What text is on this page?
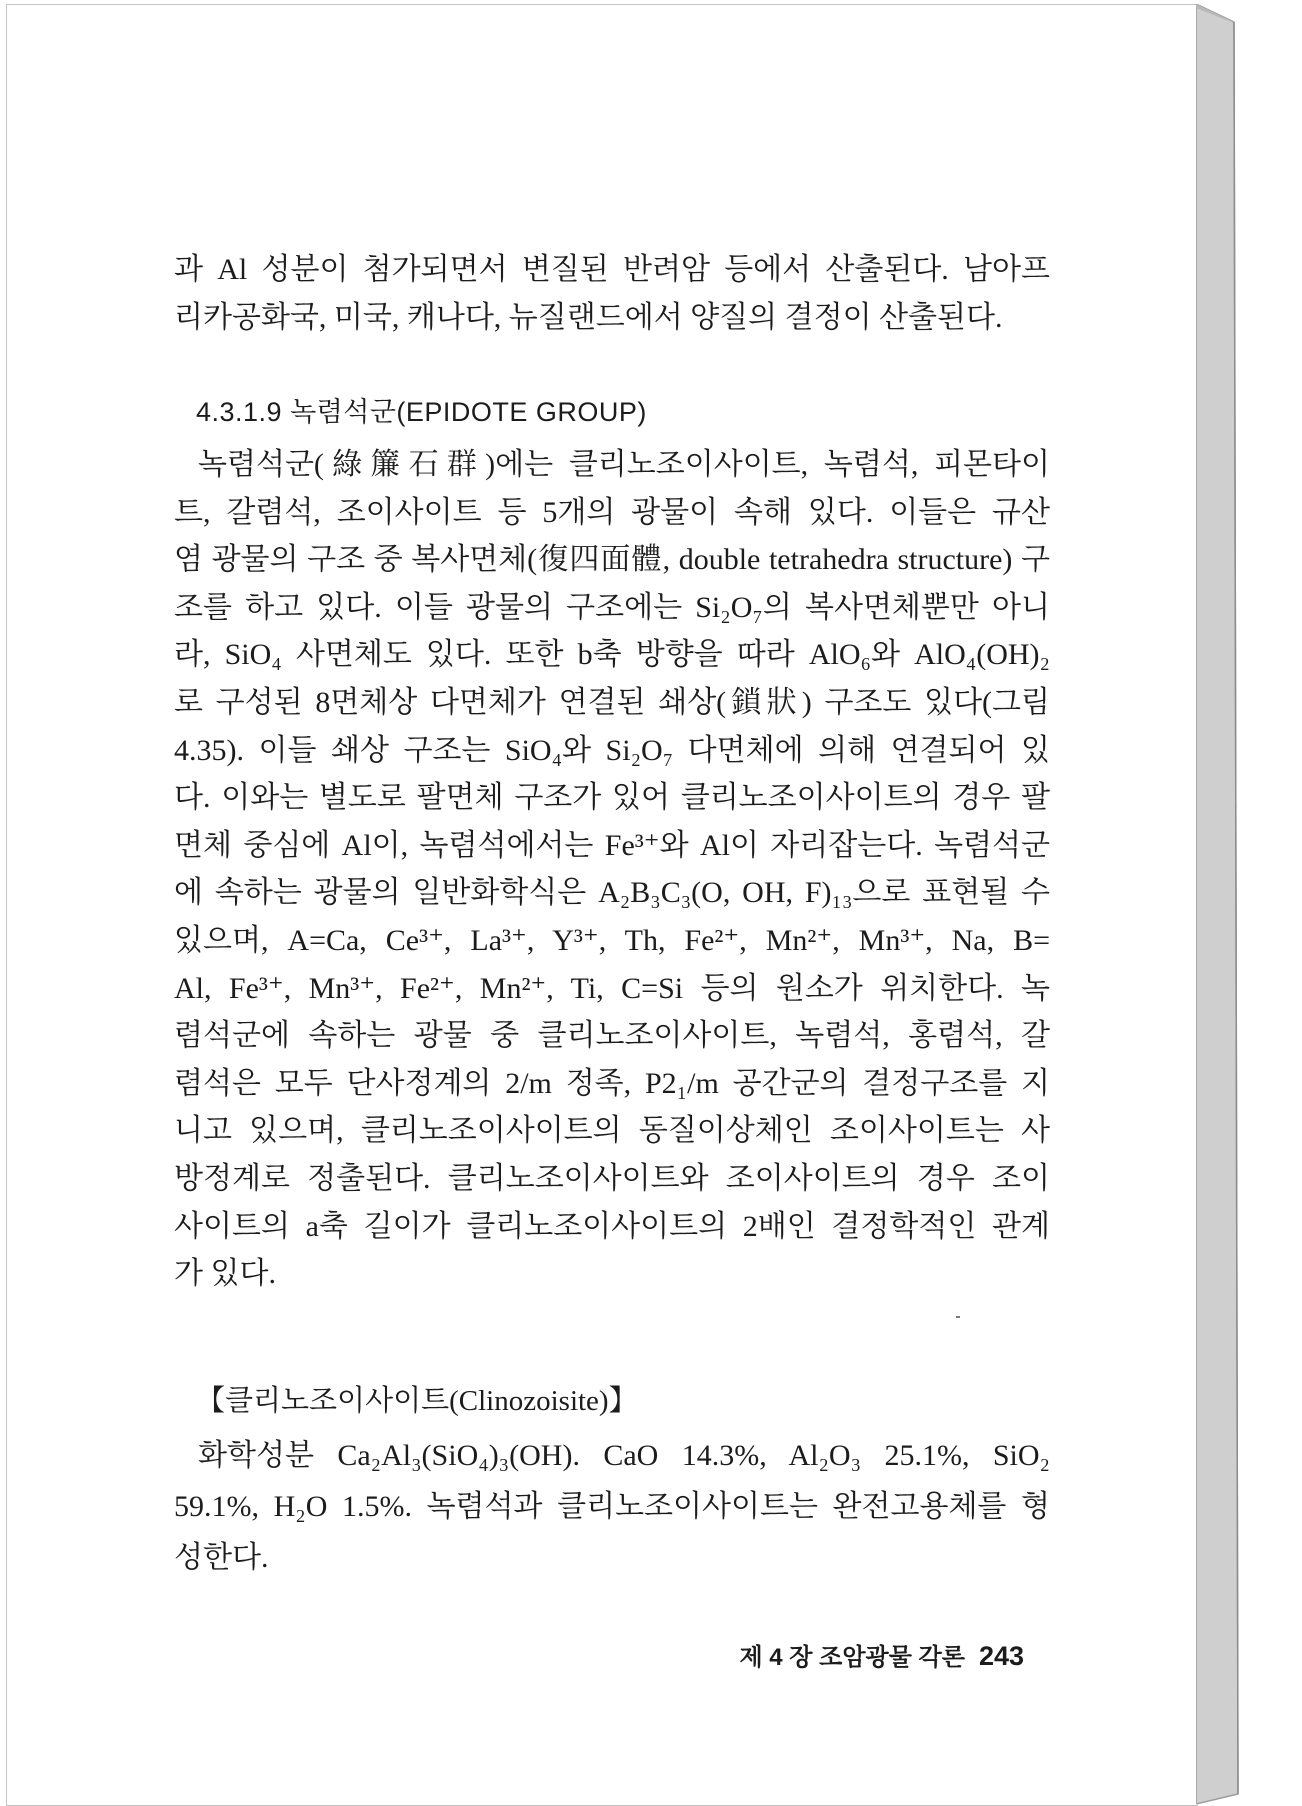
과 Al 성분이 첨가되면서 변질된 반려암 등에서 산출된다. 남아프
리카공화국, 미국, 캐나다, 뉴질랜드에서 양질의 결정이 산출된다.
4.3.1.9 녹렴석군(EPIDOTE GROUP)
녹렴석군(綠簾石群)에는 클리노조이사이트, 녹렴석, 피몬타이
트, 갈렴석, 조이사이트 등 5개의 광물이 속해 있다. 이들은 규산
염 광물의 구조 중 복사면체(復四面體, double tetrahedra structure) 구
조를 하고 있다. 이들 광물의 구조에는 Si₂O₇의 복사면체뿐만 아니
라, SiO₄ 사면체도 있다. 또한 b축 방향을 따라 AlO₆와 AlO₄(OH)₂
로 구성된 8면체상 다면체가 연결된 쇄상(鎖狀) 구조도 있다(그림
4.35). 이들 쇄상 구조는 SiO₄와 Si₂O₇ 다면체에 의해 연결되어 있
다. 이와는 별도로 팔면체 구조가 있어 클리노조이사이트의 경우 팔
면체 중심에 Al이, 녹렴석에서는 Fe³⁺와 Al이 자리잡는다. 녹렴석군
에 속하는 광물의 일반화학식은 A₂B₃C₃(O, OH, F)₁₃으로 표현될 수
있으며, A=Ca, Ce³⁺, La³⁺, Y³⁺, Th, Fe²⁺, Mn²⁺, Mn³⁺, Na, B=
Al, Fe³⁺, Mn³⁺, Fe²⁺, Mn²⁺, Ti, C=Si 등의 원소가 위치한다. 녹
렴석군에 속하는 광물 중 클리노조이사이트, 녹렴석, 홍렴석, 갈
렴석은 모두 단사정계의 2/m 정족, P2₁/m 공간군의 결정구조를 지
니고 있으며, 클리노조이사이트의 동질이상체인 조이사이트는 사
방정계로 정출된다. 클리노조이사이트와 조이사이트의 경우 조이
사이트의 a축 길이가 클리노조이사이트의 2배인 결정학적인 관계
가 있다.
【클리노조이사이트(Clinozoisite)】
화학성분 Ca₂Al₃(SiO₄)₃(OH). CaO 14.3%, Al₂O₃ 25.1%, SiO₂
59.1%, H₂O 1.5%. 녹렴석과 클리노조이사이트는 완전고용체를 형
성한다.
제 4 장 조암광물 각론 243
